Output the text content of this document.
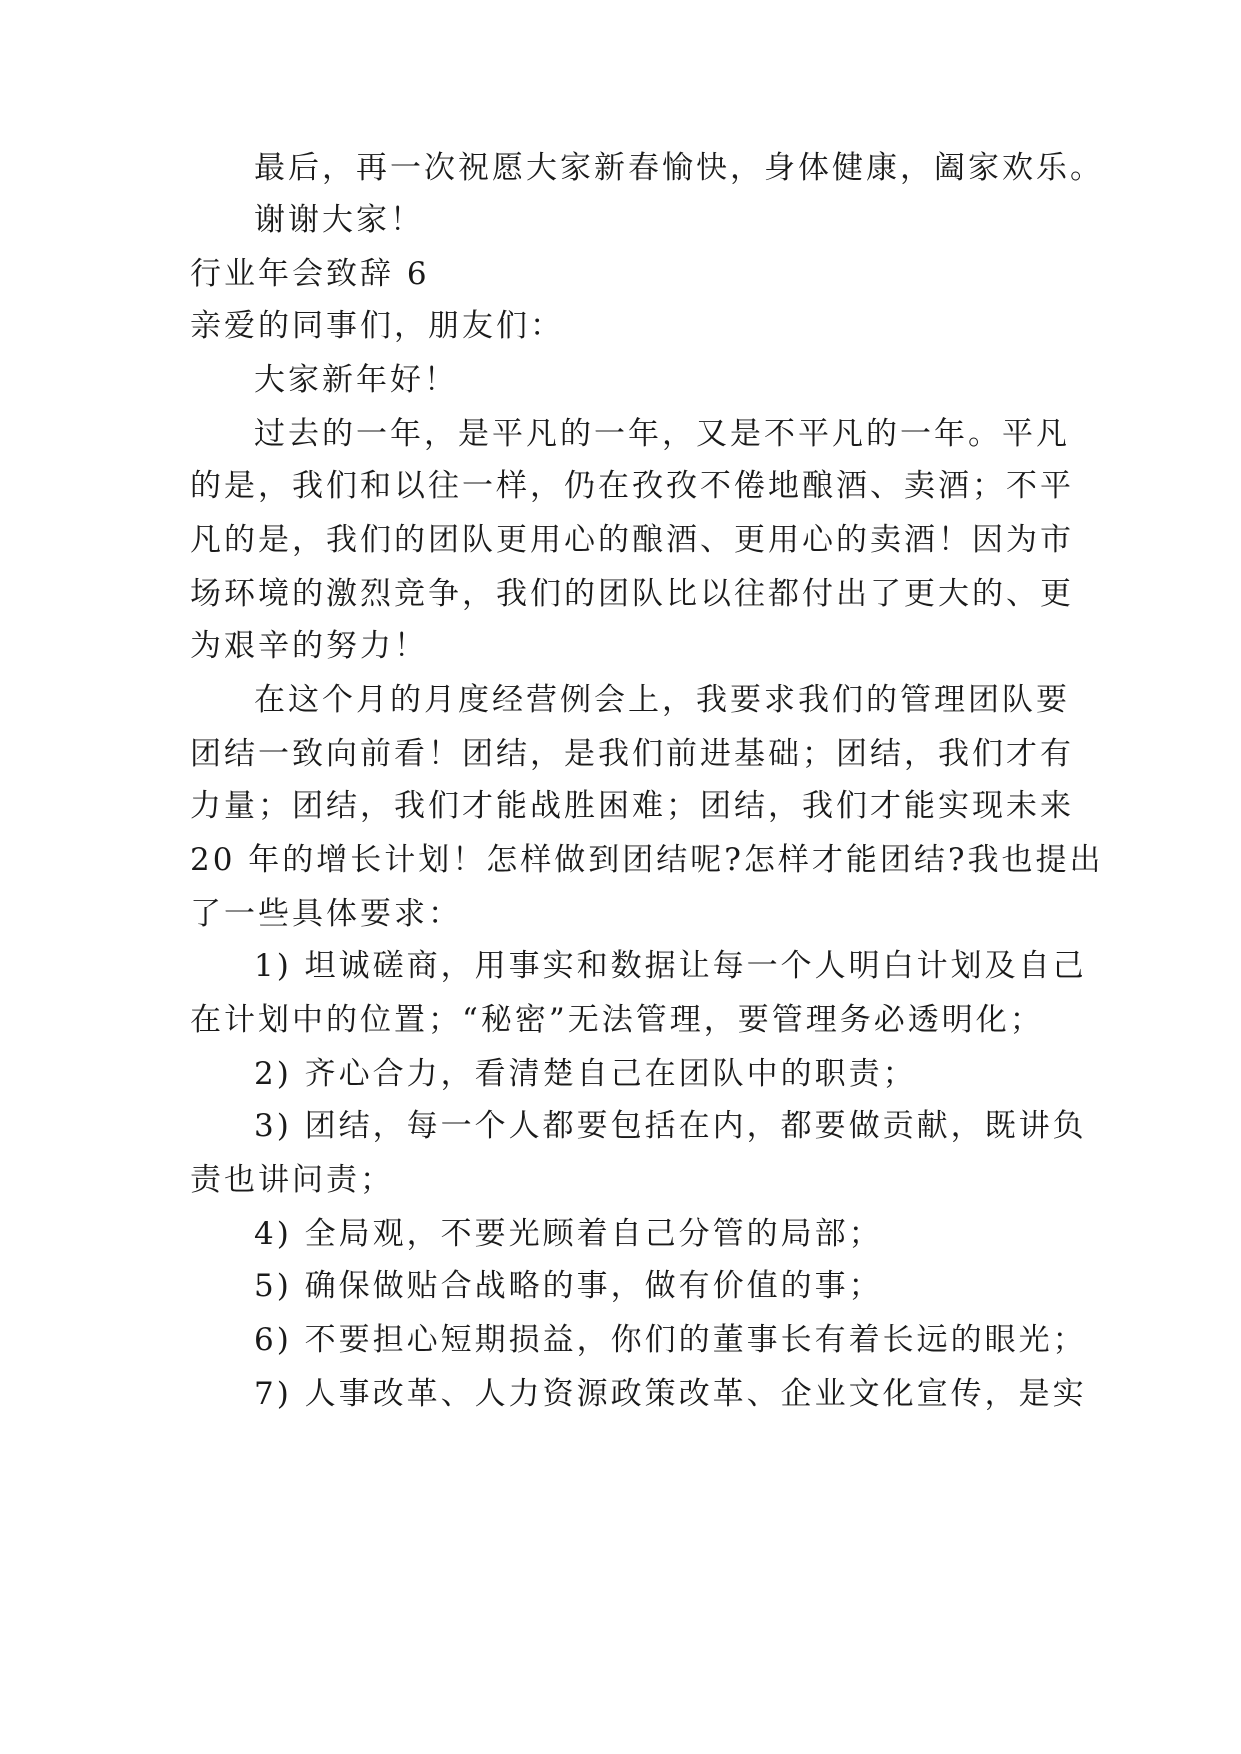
最后，再一次祝愿大家新春愉快，身体健康，阖家欢乐。
谢谢大家！
行业年会致辞 6
亲爱的同事们，朋友们：
大家新年好！
过去的一年，是平凡的一年，又是不平凡的一年。平凡
的是，我们和以往一样，仍在孜孜不倦地酿酒、卖酒；不平
凡的是，我们的团队更用心的酿酒、更用心的卖酒！因为市
场环境的激烈竞争，我们的团队比以往都付出了更大的、更
为艰辛的努力！
在这个月的月度经营例会上，我要求我们的管理团队要
团结一致向前看！团结，是我们前进基础；团结，我们才有
力量；团结，我们才能战胜困难；团结，我们才能实现未来
20 年的增长计划！怎样做到团结呢?怎样才能团结?我也提出
了一些具体要求：
1) 坦诚磋商，用事实和数据让每一个人明白计划及自己
在计划中的位置；“秘密”无法管理，要管理务必透明化；
2) 齐心合力，看清楚自己在团队中的职责；
3) 团结，每一个人都要包括在内，都要做贡献，既讲负
责也讲问责；
4) 全局观，不要光顾着自己分管的局部；
5) 确保做贴合战略的事，做有价值的事；
6) 不要担心短期损益，你们的董事长有着长远的眼光；
7) 人事改革、人力资源政策改革、企业文化宣传，是实
